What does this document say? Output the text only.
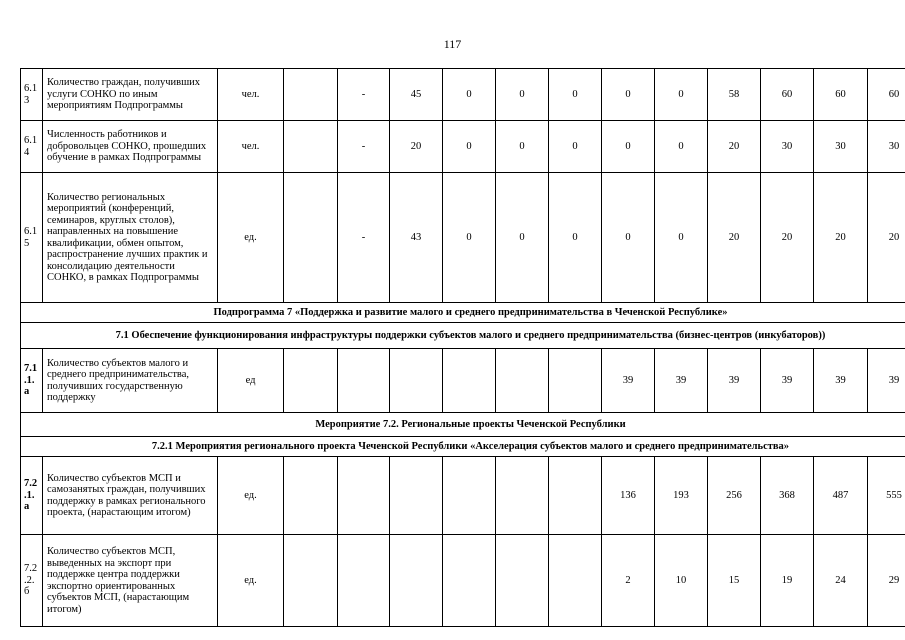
117
6.1 3	Количество граждан, получивших услуги СОНКО по иным мероприятиям Подпрограммы	чел.		-	45	0	0	0	0	0	58	60	60	60
6.1 4	Численность работников и добровольцев СОНКО, прошедших обучение в рамках Подпрограммы	чел.		-	20	0	0	0	0	0	20	30	30	30
6.1 5	Количество региональных мероприятий (конференций, семинаров, круглых столов), направленных на повышение квалификации, обмен опытом, распространение лучших практик и консолидацию деятельности СОНКО, в рамках Подпрограммы	ед.		-	43	0	0	0	0	0	20	20	20	20
Подпрограмма 7 «Поддержка и развитие малого и среднего предпринимательства в Чеченской Республике»														
7.1 Обеспечение функционирования инфраструктуры поддержки субъектов малого и среднего предпринимательства (бизнес-центров (инкубаторов))														
7.1 .1. а	Количество субъектов малого и среднего предпринимательства, получивших государственную поддержку	ед							39	39	39	39	39	39
Мероприятие 7.2. Региональные проекты Чеченской Республики														
7.2.1 Мероприятия регионального проекта Чеченской Республики «Акселерация субъектов малого и среднего предпринимательства»														
7.2 .1. а	Количество субъектов МСП и самозанятых граждан, получивших поддержку в рамках регионального проекта, (нарастающим итогом)	ед.							136	193	256	368	487	555
7.2 .2. б	Количество субъектов МСП, выведенных на экспорт при поддержке центра поддержки экспортно ориентированных субъектов МСП, (нарастающим итогом)	ед.							2	10	15	19	24	29
